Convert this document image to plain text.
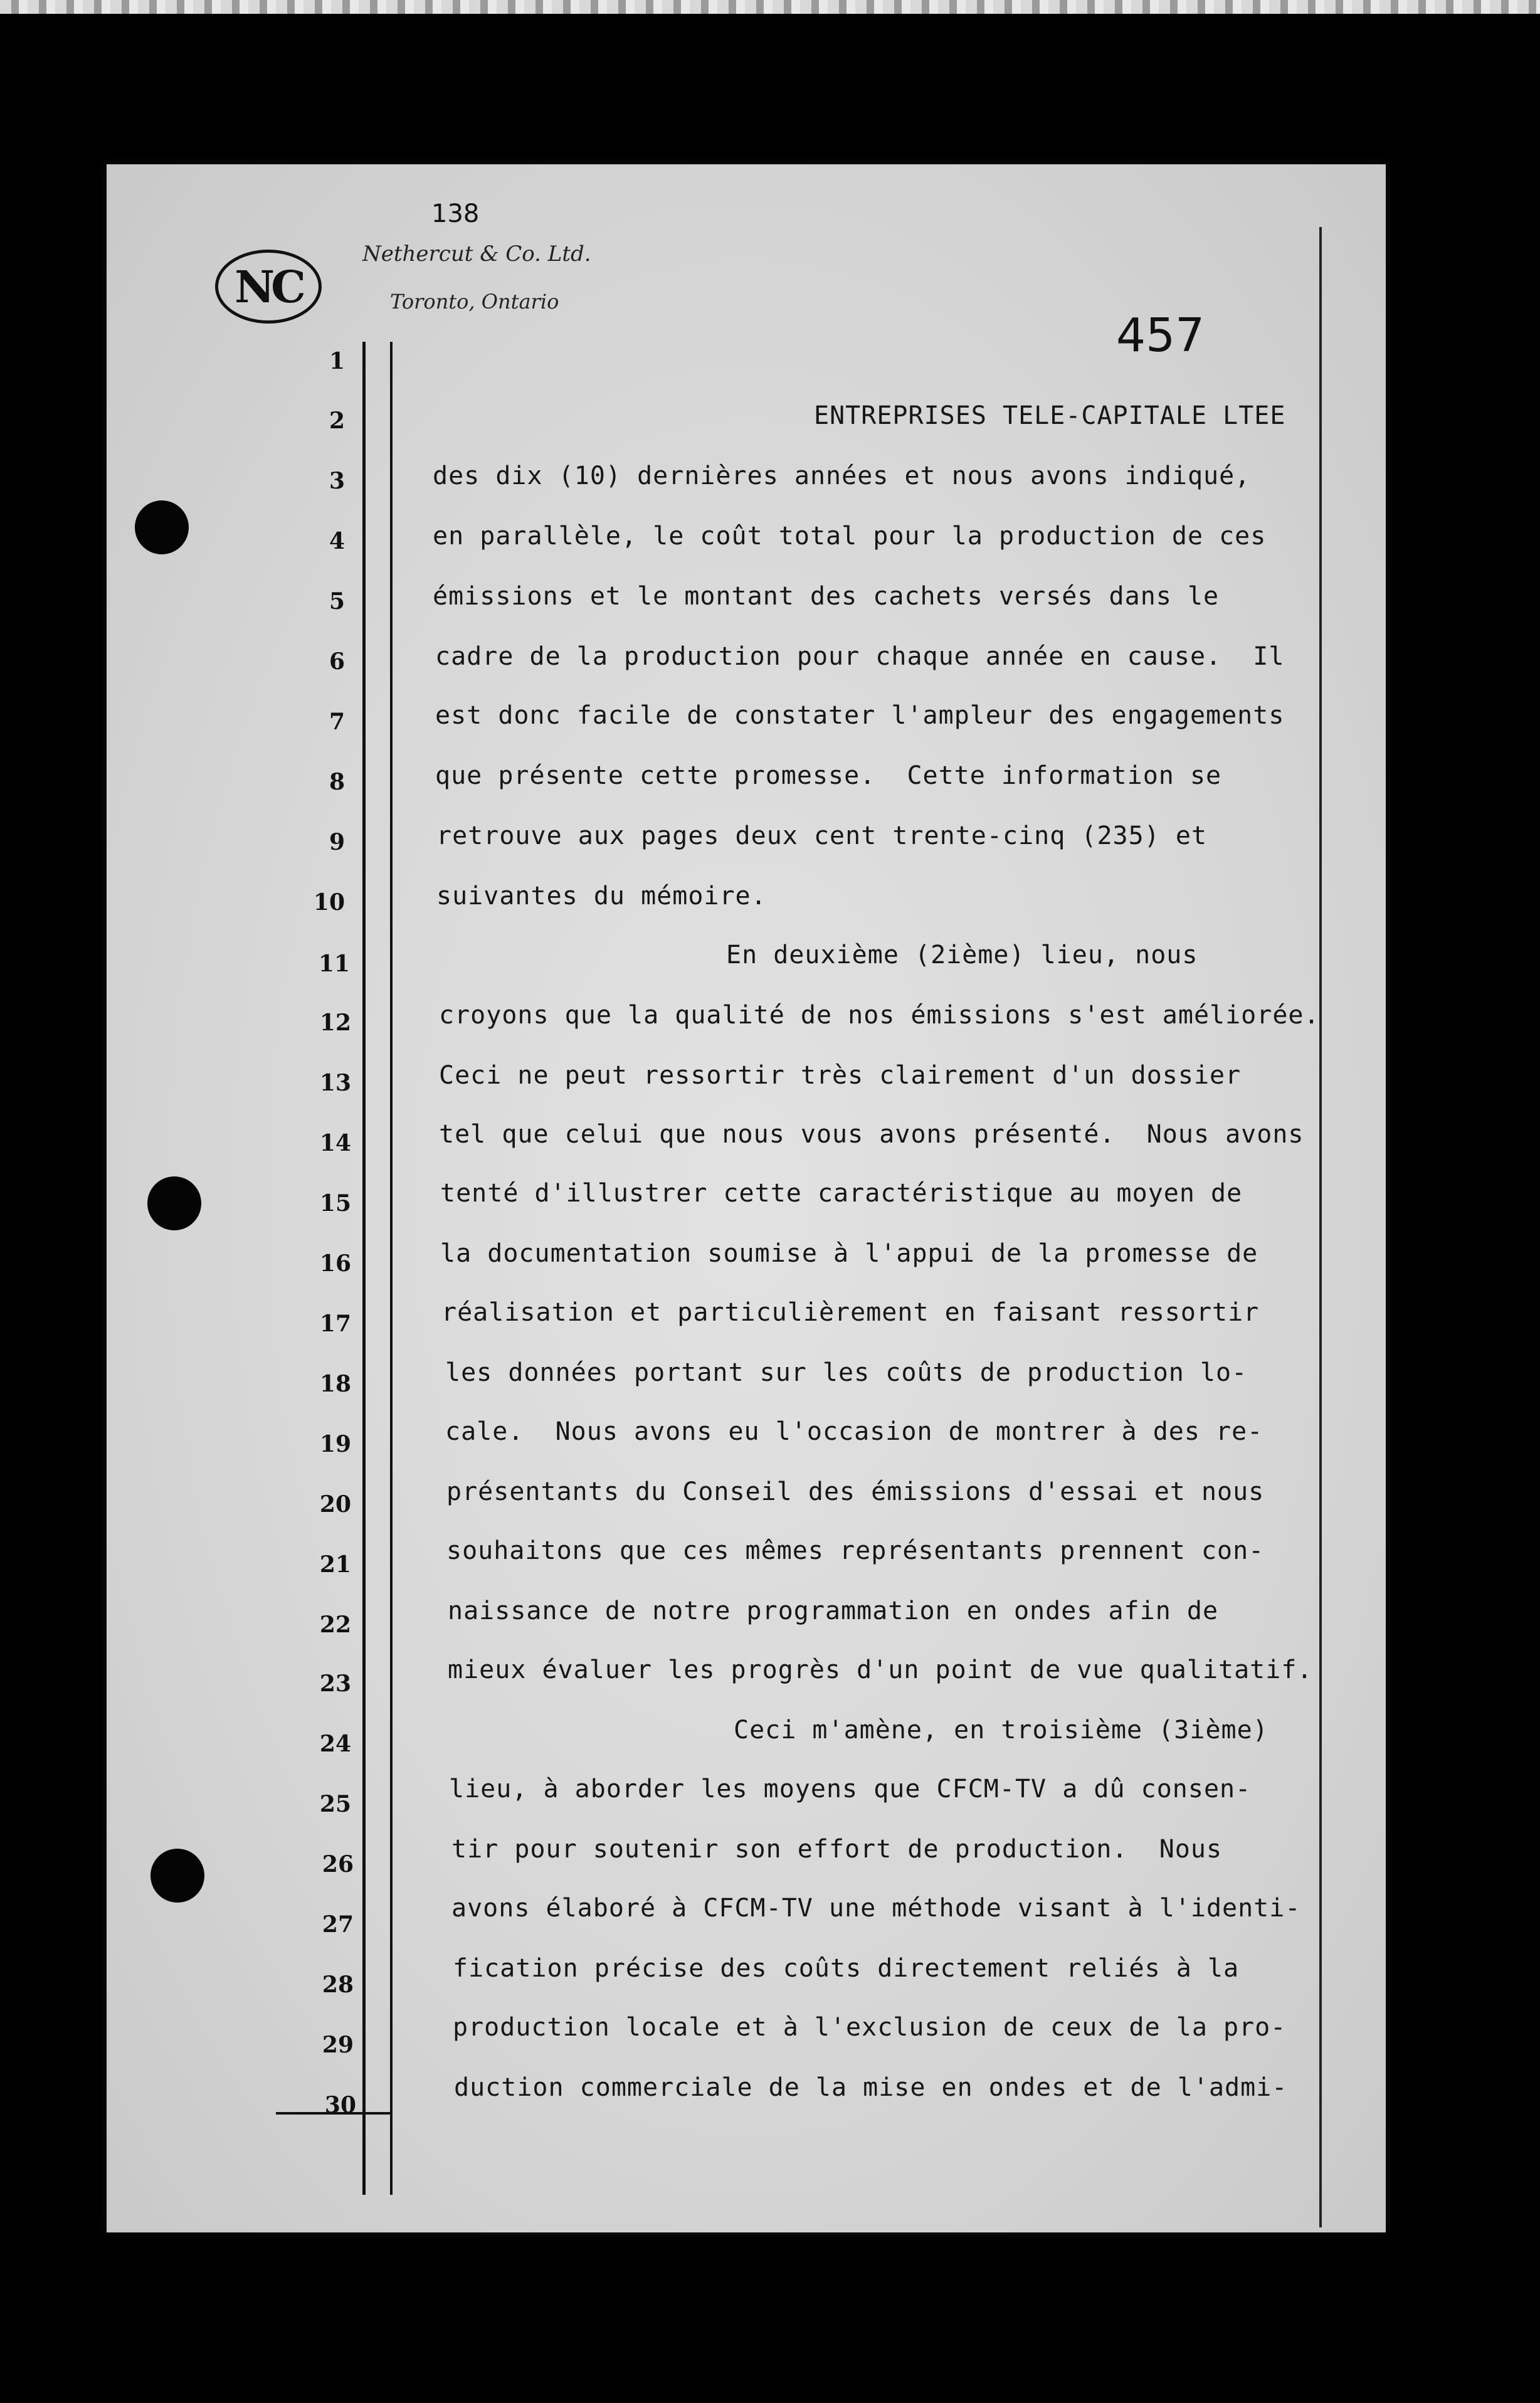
138
NC
Nethercut & Co. Ltd.
Toronto, Ontario
457
1
2
3
4
5
6
7
8
9
10
11
12
13
14
15
16
17
18
19
20
21
22
23
24
25
26
27
28
29
30
ENTREPRISES TELE-CAPITALE LTEE
des dix (10) dernières années et nous avons indiqué,
en parallèle, le coût total pour la production de ces
émissions et le montant des cachets versés dans le
cadre de la production pour chaque année en cause.  Il
est donc facile de constater l'ampleur des engagements
que présente cette promesse.  Cette information se
retrouve aux pages deux cent trente-cinq (235) et
suivantes du mémoire.
En deuxième (2ième) lieu, nous
croyons que la qualité de nos émissions s'est améliorée.
Ceci ne peut ressortir très clairement d'un dossier
tel que celui que nous vous avons présenté.  Nous avons
tenté d'illustrer cette caractéristique au moyen de
la documentation soumise à l'appui de la promesse de
réalisation et particulièrement en faisant ressortir
les données portant sur les coûts de production lo-
cale.  Nous avons eu l'occasion de montrer à des re-
présentants du Conseil des émissions d'essai et nous
souhaitons que ces mêmes représentants prennent con-
naissance de notre programmation en ondes afin de
mieux évaluer les progrès d'un point de vue qualitatif.
Ceci m'amène, en troisième (3ième)
lieu, à aborder les moyens que CFCM-TV a dû consen-
tir pour soutenir son effort de production.  Nous
avons élaboré à CFCM-TV une méthode visant à l'identi-
fication précise des coûts directement reliés à la
production locale et à l'exclusion de ceux de la pro-
duction commerciale de la mise en ondes et de l'admi-
